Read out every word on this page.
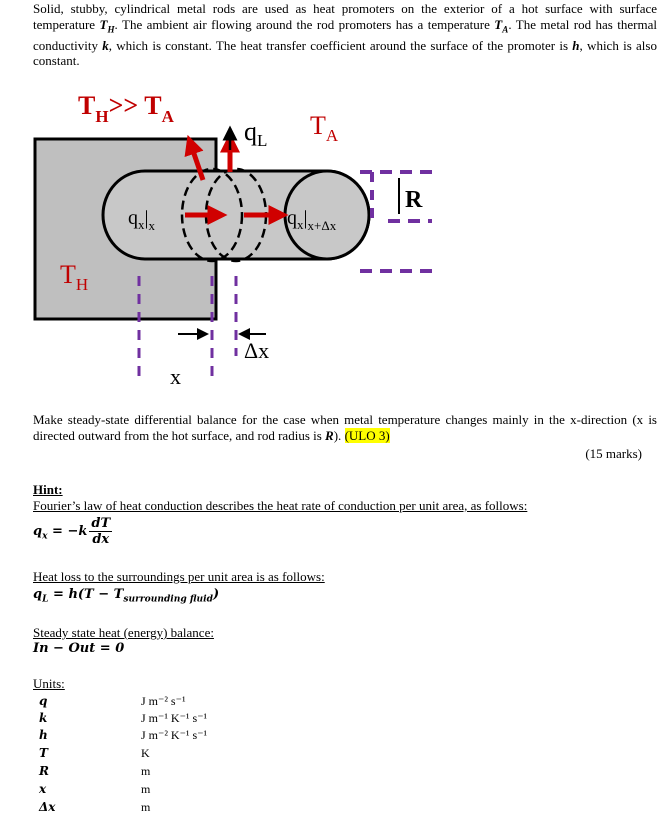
Solid, stubby, cylindrical metal rods are used as heat promoters on the exterior of a hot surface with surface temperature $T_H$. The ambient air flowing around the rod promoters has a temperature $T_A$. The metal rod has thermal conductivity k, which is constant. The heat transfer coefficient around the surface of the promoter is h, which is also constant.
$T_H>> T_A$
$q_L$
$T_A$
R
$T_H$
$q_x|_x$	$q_x|_{x+\Delta x}$
Δx
x
Make steady-state differential balance for the case when metal temperature changes mainly in the x-direction (x is directed outward from the hot surface, and rod radius is R). (ULO 3)
(15 marks)
Hint:
Fourier’s law of heat conduction describes the heat rate of conduction per unit area, as follows:
$q_x = -k \frac{dT}{dx}$
Heat loss to the surroundings per unit area is as follows:
$q_L = h(T - T_{surrounding fluid})$
Steady state heat (energy) balance:
In − Out = 0
Units:
q	J m⁻² s⁻¹
k	J m⁻¹ K⁻¹ s⁻¹
h	J m⁻² K⁻¹ s⁻¹
T	K
R	m
x	m
Δx	m
